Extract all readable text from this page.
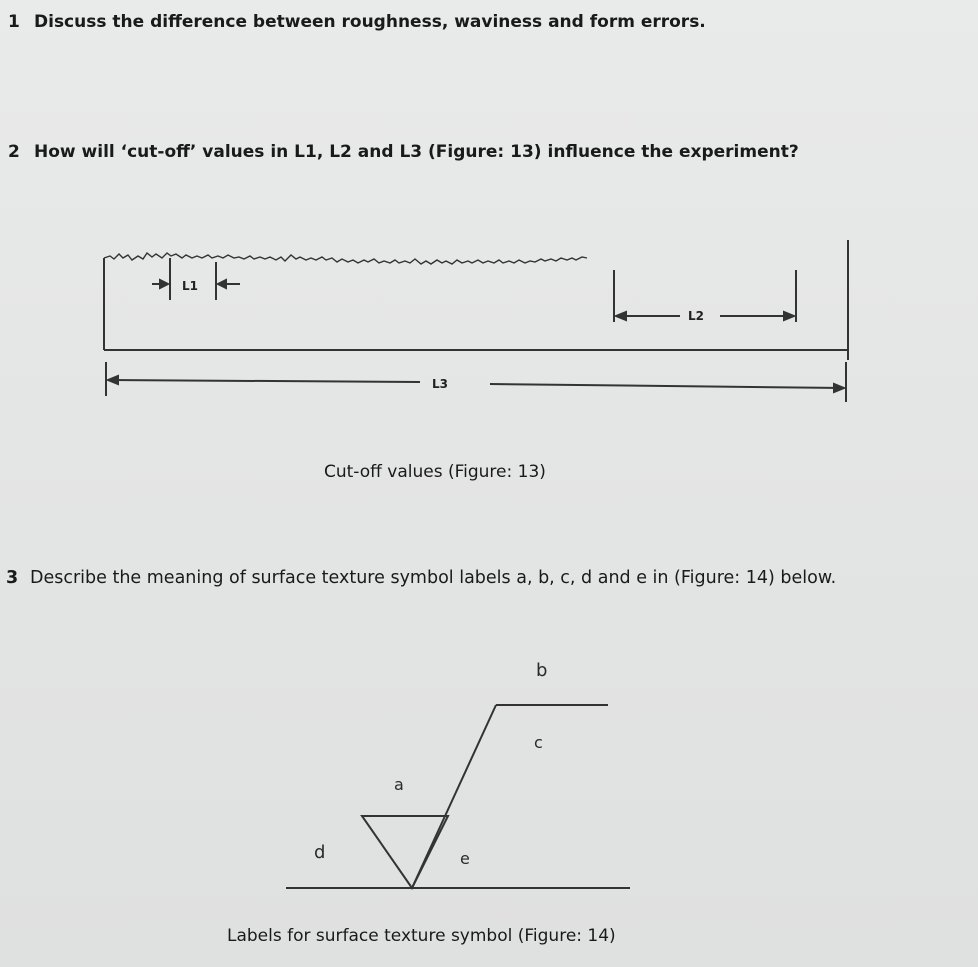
1 Discuss the difference between roughness, waviness and form errors.
2 How will ‘cut-off’ values in L1, L2 and L3 (Figure: 13) influence the experiment?
L1
L2
L3
Cut-off values (Figure: 13)
3 Describe the meaning of surface texture symbol labels a, b, c, d and e in (Figure: 14) below.
b
c
a
d	e
Labels for surface texture symbol (Figure: 14)
